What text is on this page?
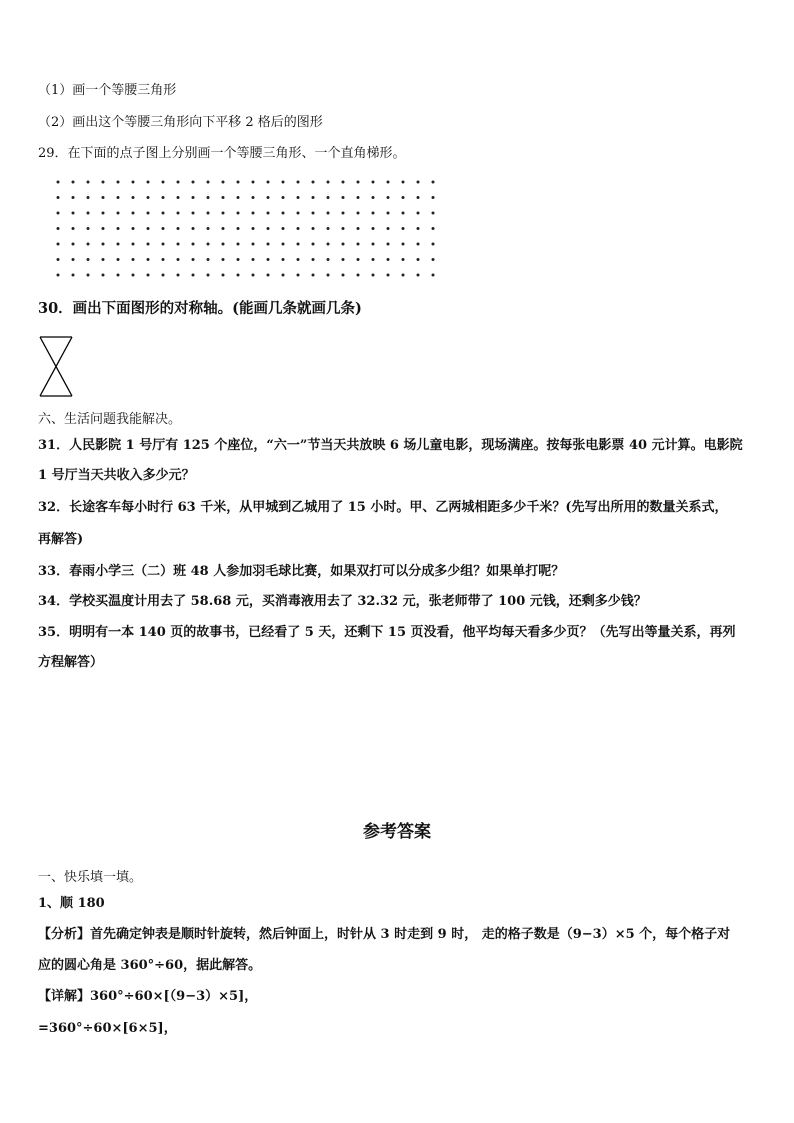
（1）画一个等腰三角形
（2）画出这个等腰三角形向下平移 2 格后的图形
29．在下面的点子图上分别画一个等腰三角形、一个直角梯形。
30．画出下面图形的对称轴。(能画几条就画几条)
六、生活问题我能解决。
31．人民影院 1 号厅有 125 个座位，“六一”节当天共放映 6 场儿童电影，现场满座。按每张电影票 40 元计算。电影院
1 号厅当天共收入多少元？
32．长途客车每小时行 63 千米，从甲城到乙城用了 15 小时。甲、乙两城相距多少千米？(先写出所用的数量关系式，
再解答)
33．春雨小学三（二）班 48 人参加羽毛球比赛，如果双打可以分成多少组？如果单打呢？
34．学校买温度计用去了 58.68 元，买消毒液用去了 32.32 元，张老师带了 100 元钱，还剩多少钱？
35．明明有一本 140 页的故事书，已经看了 5 天，还剩下 15 页没看，他平均每天看多少页？（先写出等量关系，再列
方程解答）
参考答案
一、快乐填一填。
1、顺 180
【分析】首先确定钟表是顺时针旋转，然后钟面上，时针从 3 时走到 9 时， 走的格子数是（9−3）×5 个，每个格子对
应的圆心角是 360°÷60，据此解答。
【详解】360°÷60×[（9−3）×5]，
=360°÷60×[6×5]，
